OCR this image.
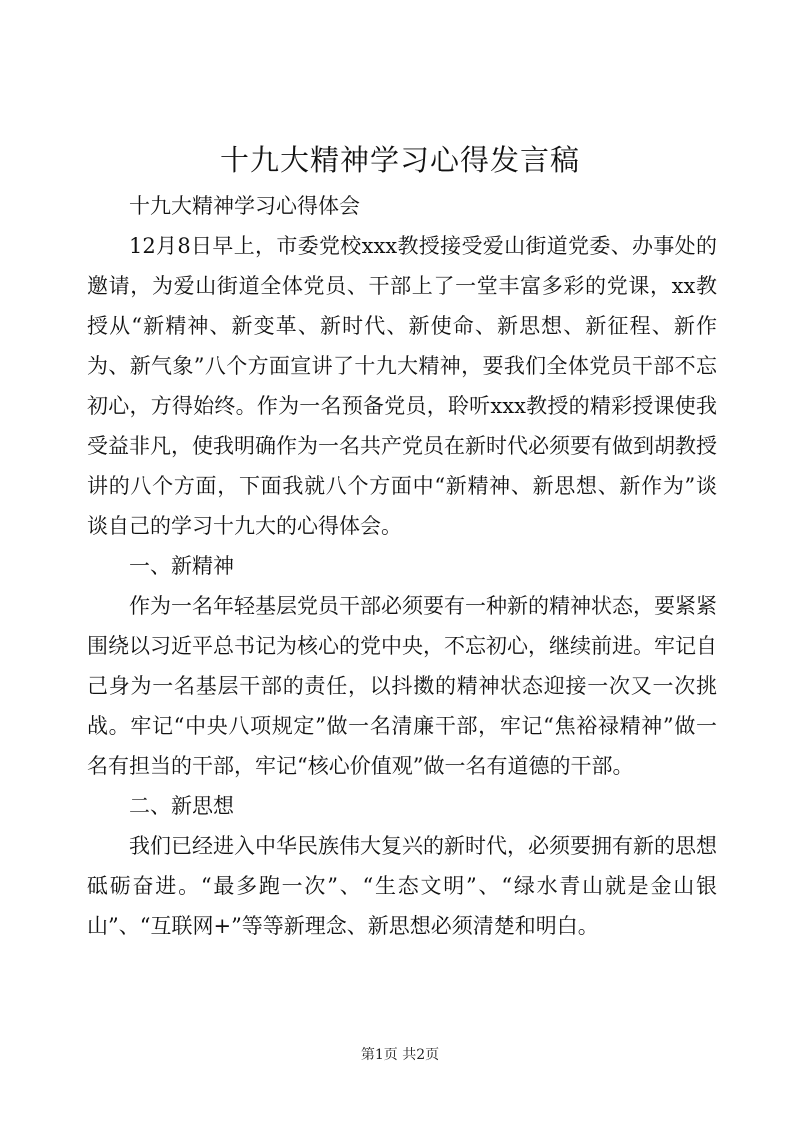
十九大精神学习心得发言稿

十九大精神学习心得体会

12月8日早上，市委党校xxx教授接受爱山街道党委、办事处的邀请，为爱山街道全体党员、干部上了一堂丰富多彩的党课，xx教授从“新精神、新变革、新时代、新使命、新思想、新征程、新作为、新气象”八个方面宣讲了十九大精神，要我们全体党员干部不忘初心，方得始终。作为一名预备党员，聆听xxx教授的精彩授课使我受益非凡，使我明确作为一名共产党员在新时代必须要有做到胡教授讲的八个方面，下面我就八个方面中“新精神、新思想、新作为”谈谈自己的学习十九大的心得体会。

一、新精神

作为一名年轻基层党员干部必须要有一种新的精神状态，要紧紧围绕以习近平总书记为核心的党中央，不忘初心，继续前进。牢记自己身为一名基层干部的责任，以抖擞的精神状态迎接一次又一次挑战。牢记“中央八项规定”做一名清廉干部，牢记“焦裕禄精神”做一名有担当的干部，牢记“核心价值观”做一名有道德的干部。

二、新思想

我们已经进入中华民族伟大复兴的新时代，必须要拥有新的思想砥砺奋进。“最多跑一次”、“生态文明”、“绿水青山就是金山银山”、“互联网+”等等新理念、新思想必须清楚和明白。

第1页 共2页
